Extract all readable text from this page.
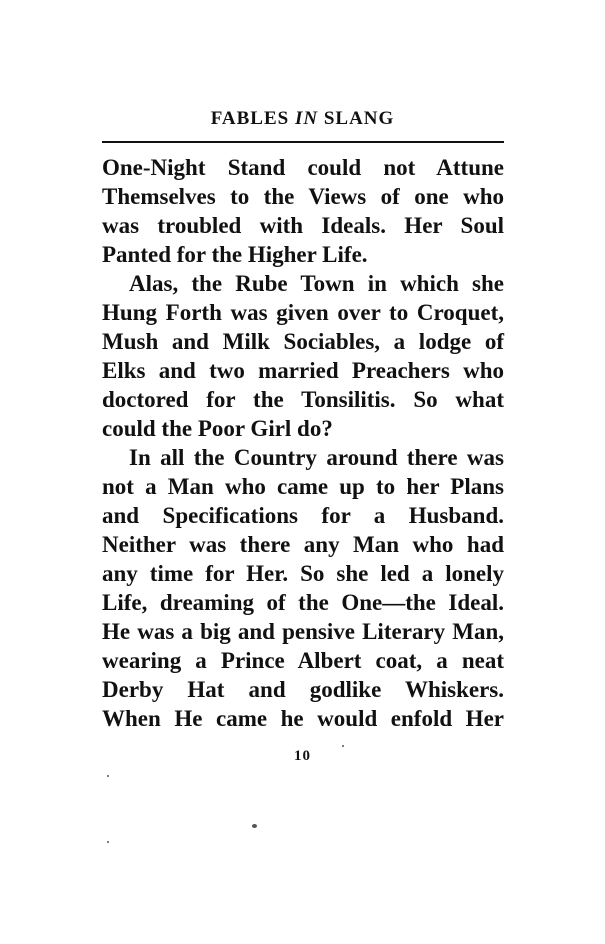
FABLES IN SLANG
One-Night Stand could not Attune
Themselves to the Views of one who
was troubled with Ideals. Her Soul
Panted for the Higher Life.
Alas, the Rube Town in which she
Hung Forth was given over to Croquet,
Mush and Milk Sociables, a lodge of
Elks and two married Preachers who
doctored for the Tonsilitis. So what
could the Poor Girl do?
In all the Country around there was
not a Man who came up to her Plans
and Specifications for a Husband.
Neither was there any Man who had
any time for Her. So she led a lonely
Life, dreaming of the One—the Ideal.
He was a big and pensive Literary Man,
wearing a Prince Albert coat, a neat
Derby Hat and godlike Whiskers.
When He came he would enfold Her
10
